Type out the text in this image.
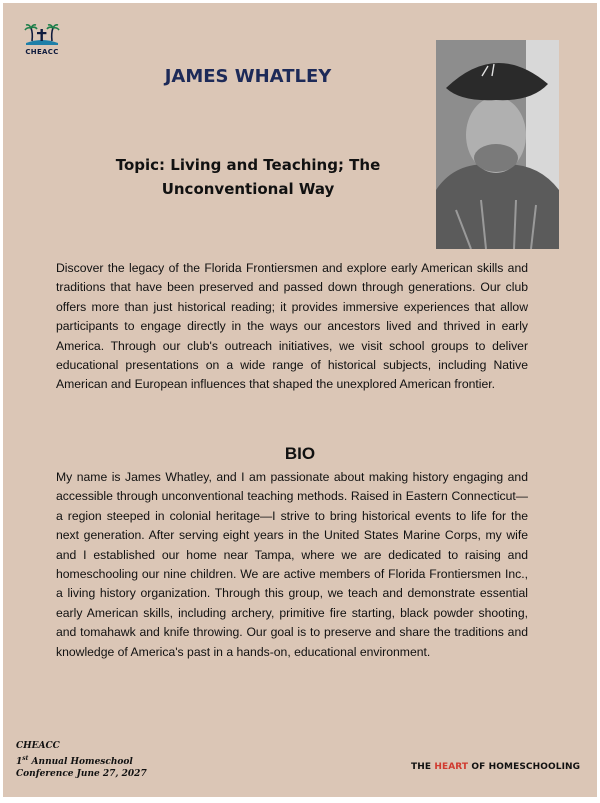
CHEACC
JAMES WHATLEY
Topic: Living and Teaching; The Unconventional Way
Discover the legacy of the Florida Frontiersmen and explore early American skills and traditions that have been preserved and passed down through generations. Our club offers more than just historical reading; it provides immersive experiences that allow participants to engage directly in the ways our ancestors lived and thrived in early America. Through our club's outreach initiatives, we visit school groups to deliver educational presentations on a wide range of historical subjects, including Native American and European influences that shaped the unexplored American frontier.
BIO
My name is James Whatley, and I am passionate about making history engaging and accessible through unconventional teaching methods. Raised in Eastern Connecticut—a region steeped in colonial heritage—I strive to bring historical events to life for the next generation. After serving eight years in the United States Marine Corps, my wife and I established our home near Tampa, where we are dedicated to raising and homeschooling our nine children. We are active members of Florida Frontiersmen Inc., a living history organization. Through this group, we teach and demonstrate essential early American skills, including archery, primitive fire starting, black powder shooting, and tomahawk and knife throwing. Our goal is to preserve and share the traditions and knowledge of America's past in a hands-on, educational environment.
CHEACC
1st Annual Homeschool
Conference June 27, 2027
THE HEART OF HOMESCHOOLING
